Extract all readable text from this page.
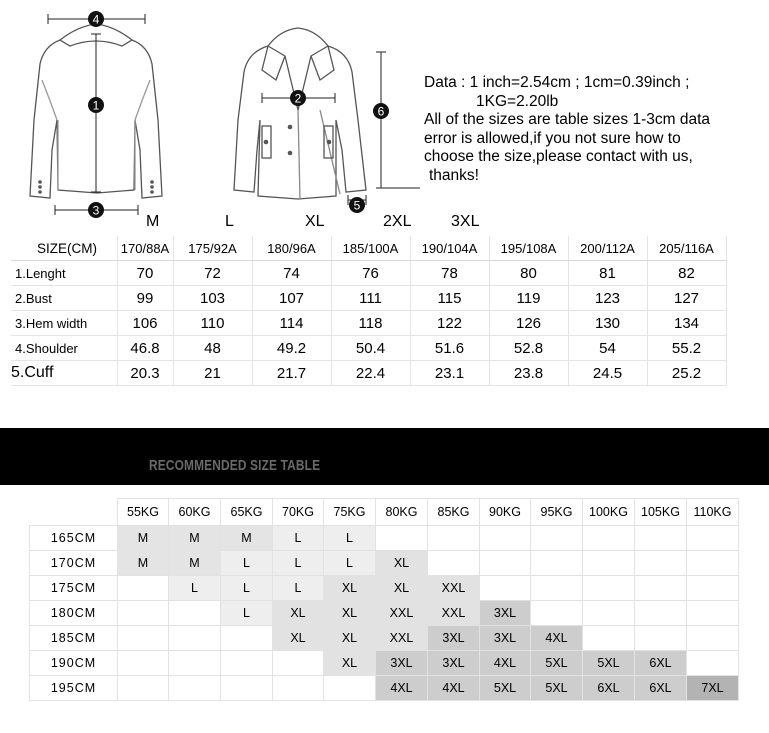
4
1
3
2
6
5
Data : 1 inch=2.54cm ; 1cm=0.39inch ;
1KG=2.20lb
All of the sizes are table sizes 1-3cm data
error is allowed,if you not sure how to
choose the size,please contact with us,
thanks!
M	L	XL	2XL 3XL
SIZE(CM)	170/88A	175/92A	180/96A	185/100A	190/104A	195/108A	200/112A	205/116A
1.Lenght	70	72	74	76	78	80	81	82
2.Bust	99	103	107	111	115	119	123	127
3.Hem width	106	110	114	118	122	126	130	134
4.Shoulder	46.8	48	49.2	50.4	51.6	52.8	54	55.2
5.Cuff	20.3	21	21.7	22.4	23.1	23.8	24.5	25.2
RECOMMENDED SIZE TABLE
	55KG	60KG	65KG	70KG	75KG	80KG	85KG	90KG	95KG	100KG	105KG	110KG
165CM	M	M	M	L	L							
170CM	M	M	L	L	L	XL						
175CM		L	L	L	XL	XL	XXL					
180CM			L	XL	XL	XXL	XXL	3XL				
185CM				XL	XL	XXL	3XL	3XL	4XL			
190CM					XL	3XL	3XL	4XL	5XL	5XL	6XL	
195CM						4XL	4XL	5XL	5XL	6XL	6XL	7XL
